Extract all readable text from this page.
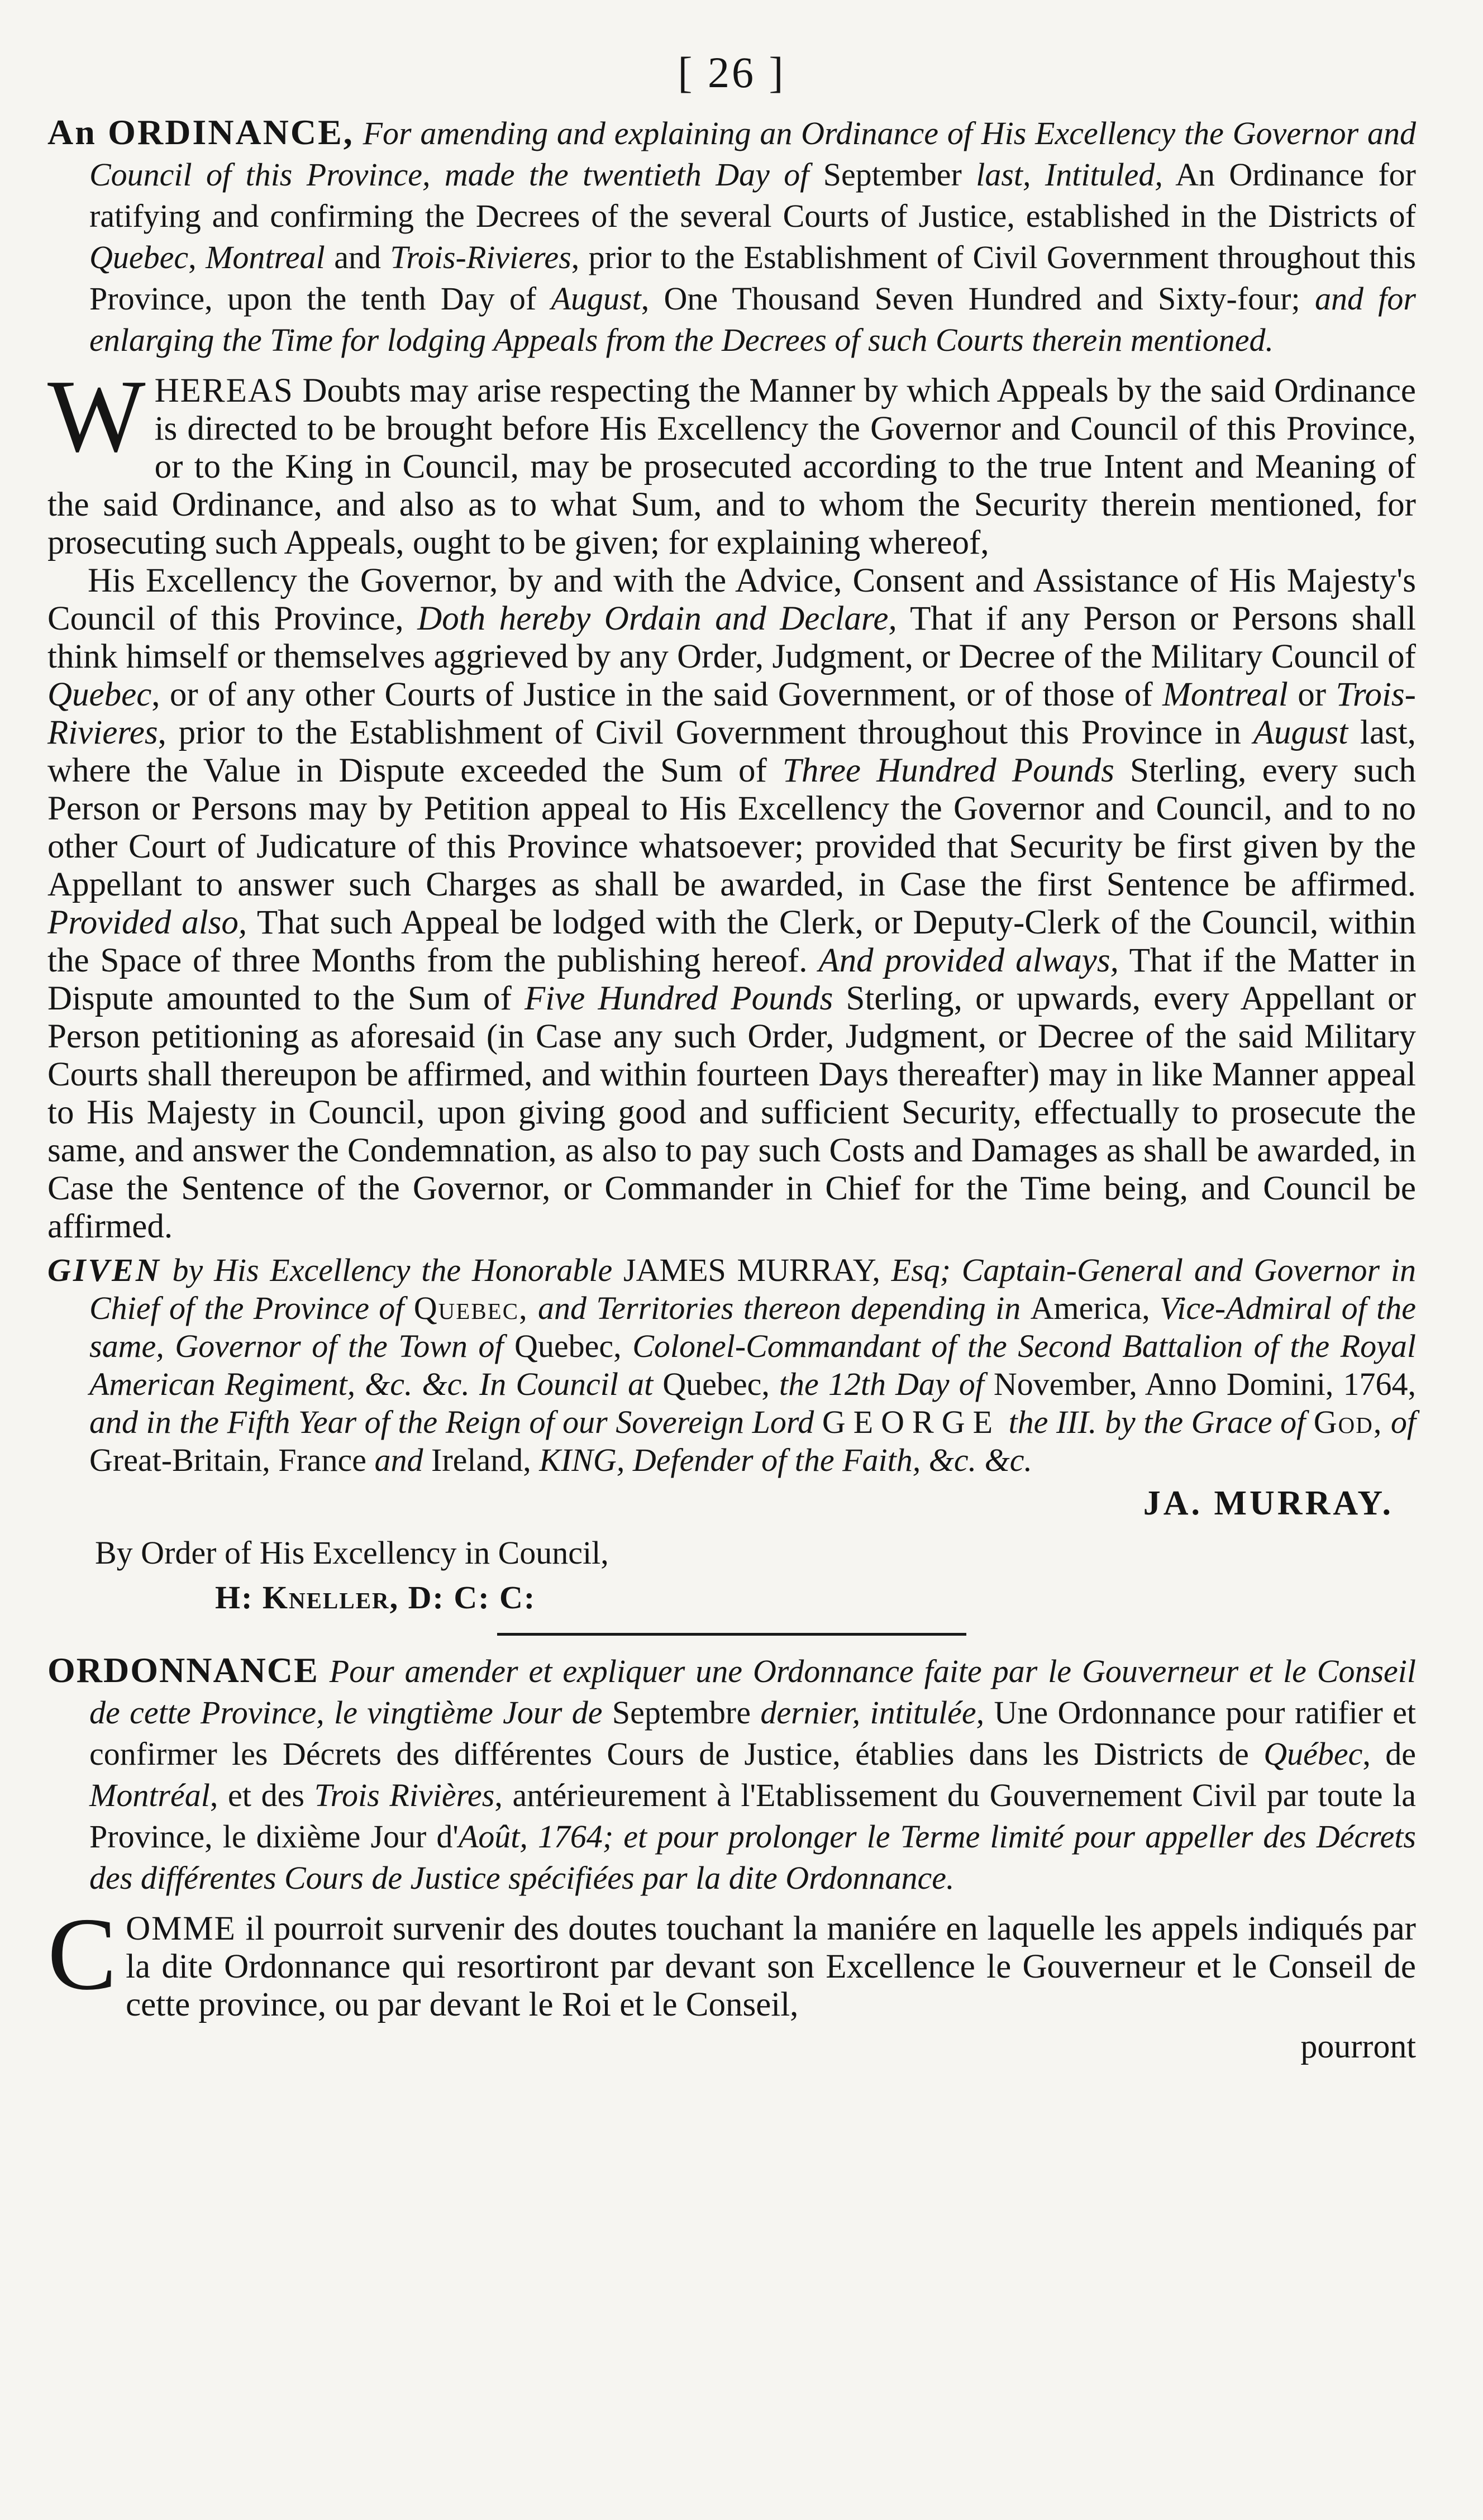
[ 26 ]

An ORDINANCE, For amending and explaining an Ordinance of His Excellency the Governor and Council of this Province, made the twentieth Day of September last, Intituled, An Ordinance for ratifying and confirming the Decrees of the several Courts of Justice, established in the Districts of Quebec, Montreal and Trois-Rivieres, prior to the Establishment of Civil Government throughout this Province, upon the tenth Day of August, One Thousand Seven Hundred and Sixty-four; and for enlarging the Time for lodging Appeals from the Decrees of such Courts therein mentioned.

WHEREAS Doubts may arise respecting the Manner by which Appeals by the said Ordinance is directed to be brought before His Excellency the Governor and Council of this Province, or to the King in Council, may be prosecuted according to the true Intent and Meaning of the said Ordinance, and also as to what Sum, and to whom the Security therein mentioned, for prosecuting such Appeals, ought to be given; for explaining whereof,

His Excellency the Governor, by and with the Advice, Consent and Assistance of His Majesty's Council of this Province, Doth hereby Ordain and Declare, That if any Person or Persons shall think himself or themselves aggrieved by any Order, Judgment, or Decree of the Military Council of Quebec, or of any other Courts of Justice in the said Government, or of those of Montreal or Trois-Rivieres, prior to the Establishment of Civil Government throughout this Province in August last, where the Value in Dispute exceeded the Sum of Three Hundred Pounds Sterling, every such Person or Persons may by Petition appeal to His Excellency the Governor and Council, and to no other Court of Judicature of this Province whatsoever; provided that Security be first given by the Appellant to answer such Charges as shall be awarded, in Case the first Sentence be affirmed. Provided also, That such Appeal be lodged with the Clerk, or Deputy-Clerk of the Council, within the Space of three Months from the publishing hereof. And provided always, That if the Matter in Dispute amounted to the Sum of Five Hundred Pounds Sterling, or upwards, every Appellant or Person petitioning as aforesaid (in Case any such Order, Judgment, or Decree of the said Military Courts shall thereupon be affirmed, and within fourteen Days thereafter) may in like Manner appeal to His Majesty in Council, upon giving good and sufficient Security, effectually to prosecute the same, and answer the Condemnation, as also to pay such Costs and Damages as shall be awarded, in Case the Sentence of the Governor, or Commander in Chief for the Time being, and Council be affirmed.

GIVEN by His Excellency the Honorable JAMES MURRAY, Esq; Captain-General and Governor in Chief of the Province of Quebec, and Territories thereon depending in America, Vice-Admiral of the same, Governor of the Town of Quebec, Colonel-Commandant of the Second Battalion of the Royal American Regiment, &c. &c. In Council at Quebec, the 12th Day of November, Anno Domini, 1764, and in the Fifth Year of the Reign of our Sovereign Lord GEORGE the III. by the Grace of God, of Great-Britain, France and Ireland, KING, Defender of the Faith, &c. &c.

JA. MURRAY.
By Order of His Excellency in Council,
H: Kneller, D: C: C:

ORDONNANCE Pour amender et expliquer une Ordonnance faite par le Gouverneur et le Conseil de cette Province, le vingtième Jour de Septembre dernier, intitulée, Une Ordonnance pour ratifier et confirmer les Décrets des différentes Cours de Justice, établies dans les Districts de Québec, de Montréal, et des Trois Rivières, antérieurement à l'Etablissement du Gouvernement Civil par toute la Province, le dixième Jour d'Août, 1764; et pour prolonger le Terme limité pour appeller des Décrets des différentes Cours de Justice spécifiées par la dite Ordonnance.

COMME il pourroit survenir des doutes touchant la maniére en laquelle les appels indiqués par la dite Ordonnance qui resortiront par devant son Excellence le Gouverneur et le Conseil de cette province, ou par devant le Roi et le Conseil,

pourront
